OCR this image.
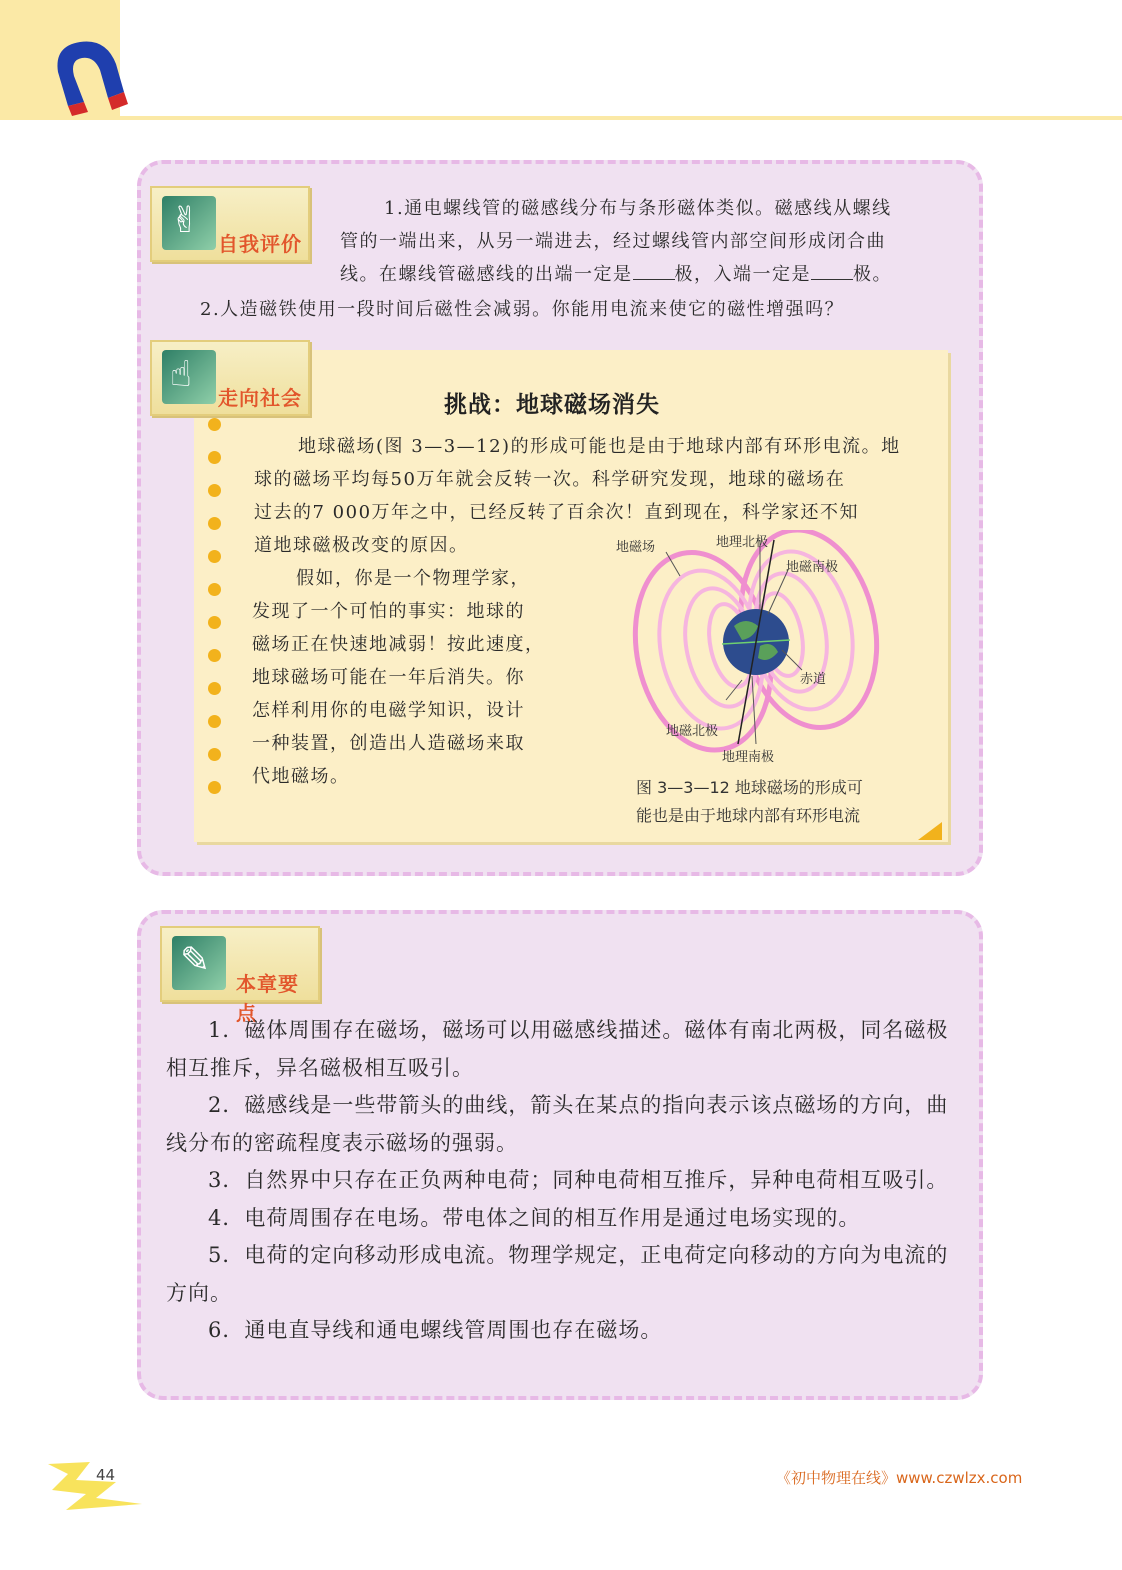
✌
自我评价
1.通电螺线管的磁感线分布与条形磁体类似。磁感线从螺线
管的一端出来，从另一端进去，经过螺线管内部空间形成闭合曲
线。在螺线管磁感线的出端一定是 极，入端一定是 极。
2.人造磁铁使用一段时间后磁性会减弱。你能用电流来使它的磁性增强吗？
☝
走向社会	挑战：地球磁场消失
地球磁场(图 3—3—12)的形成可能也是由于地球内部有环形电流。地
球的磁场平均每50万年就会反转一次。科学研究发现，地球的磁场在
过去的7 000万年之中，已经反转了百余次！直到现在，科学家还不知
道地球磁极改变的原因。
假如，你是一个物理学家，
发现了一个可怕的事实：地球的
磁场正在快速地减弱！按此速度，
地球磁场可能在一年后消失。你
怎样利用你的电磁学知识，设计
一种装置，创造出人造磁场来取
代地磁场。
地磁场	地理北极
地磁南极
赤道
地磁北极
地理南极
图 3—3—12 地球磁场的形成可
能也是由于地球内部有环形电流
✎
本章要点

1．磁体周围存在磁场，磁场可以用磁感线描述。磁体有南北两极，同名磁极相互推斥，异名磁极相互吸引。

2．磁感线是一些带箭头的曲线，箭头在某点的指向表示该点磁场的方向，曲线分布的密疏程度表示磁场的强弱。

3．自然界中只存在正负两种电荷；同种电荷相互推斥，异种电荷相互吸引。

4．电荷周围存在电场。带电体之间的相互作用是通过电场实现的。

5．电荷的定向移动形成电流。物理学规定，正电荷定向移动的方向为电流的方向。

6．通电直导线和通电螺线管周围也存在磁场。

44	《初中物理在线》www.czwlzx.com
